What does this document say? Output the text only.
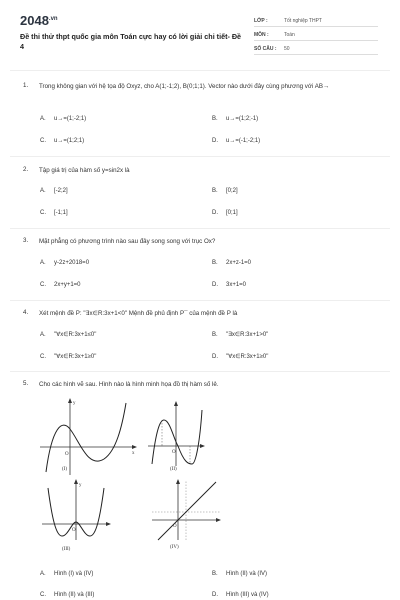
$2048^{.vn}$
Đề thi thử thpt quốc gia môn Toán cực hay có lời giải chi tiết- Đề 4
LỚP :	Tốt nghiệp THPT
MÔN :	Toán
SỐ CÂU :	50
1. Trong không gian với hệ tọa độ Oxyz, cho A(1;-1;2), B(0;1;1). Vector nào dưới đây cùng phương với AB→
A. u→=(1;-2;1)	B. u→=(1;2;-1)
C. u→=(1;2;1)	D. u→=(-1;-2;1)
2. Tập giá trị của hàm số y=sin2x là
A. [-2;2]	B. [0;2]
C. [-1;1]	D. [0;1]
3. Mặt phẳng có phương trình nào sau đây song song với trục Ox?
A. y-2z+2018=0	B. 2x+z-1=0
C. 2x+y+1=0	D. 3x+1=0
4. Xét mệnh đề P: "∃x∈R:3x+1<0" Mệnh đề phủ định P¯ của mệnh đề P là
A. "∀x∈R:3x+1≤0"	B. "∃x∈R:3x+1>0"
C. "∀x∈R:3x+1≥0"	D. "∀x∈R:3x+1≥0"
5. Cho các hình vẽ sau. Hình nào là hình minh họa đồ thị hàm số lẻ.
O	x
y
(I)
O
(II)
O
y
(III)
O
(IV)
A. Hình (I) và (IV)	B. Hình (II) và (IV)
C. Hình (II) và (III)	D. Hình (III) và (IV)
